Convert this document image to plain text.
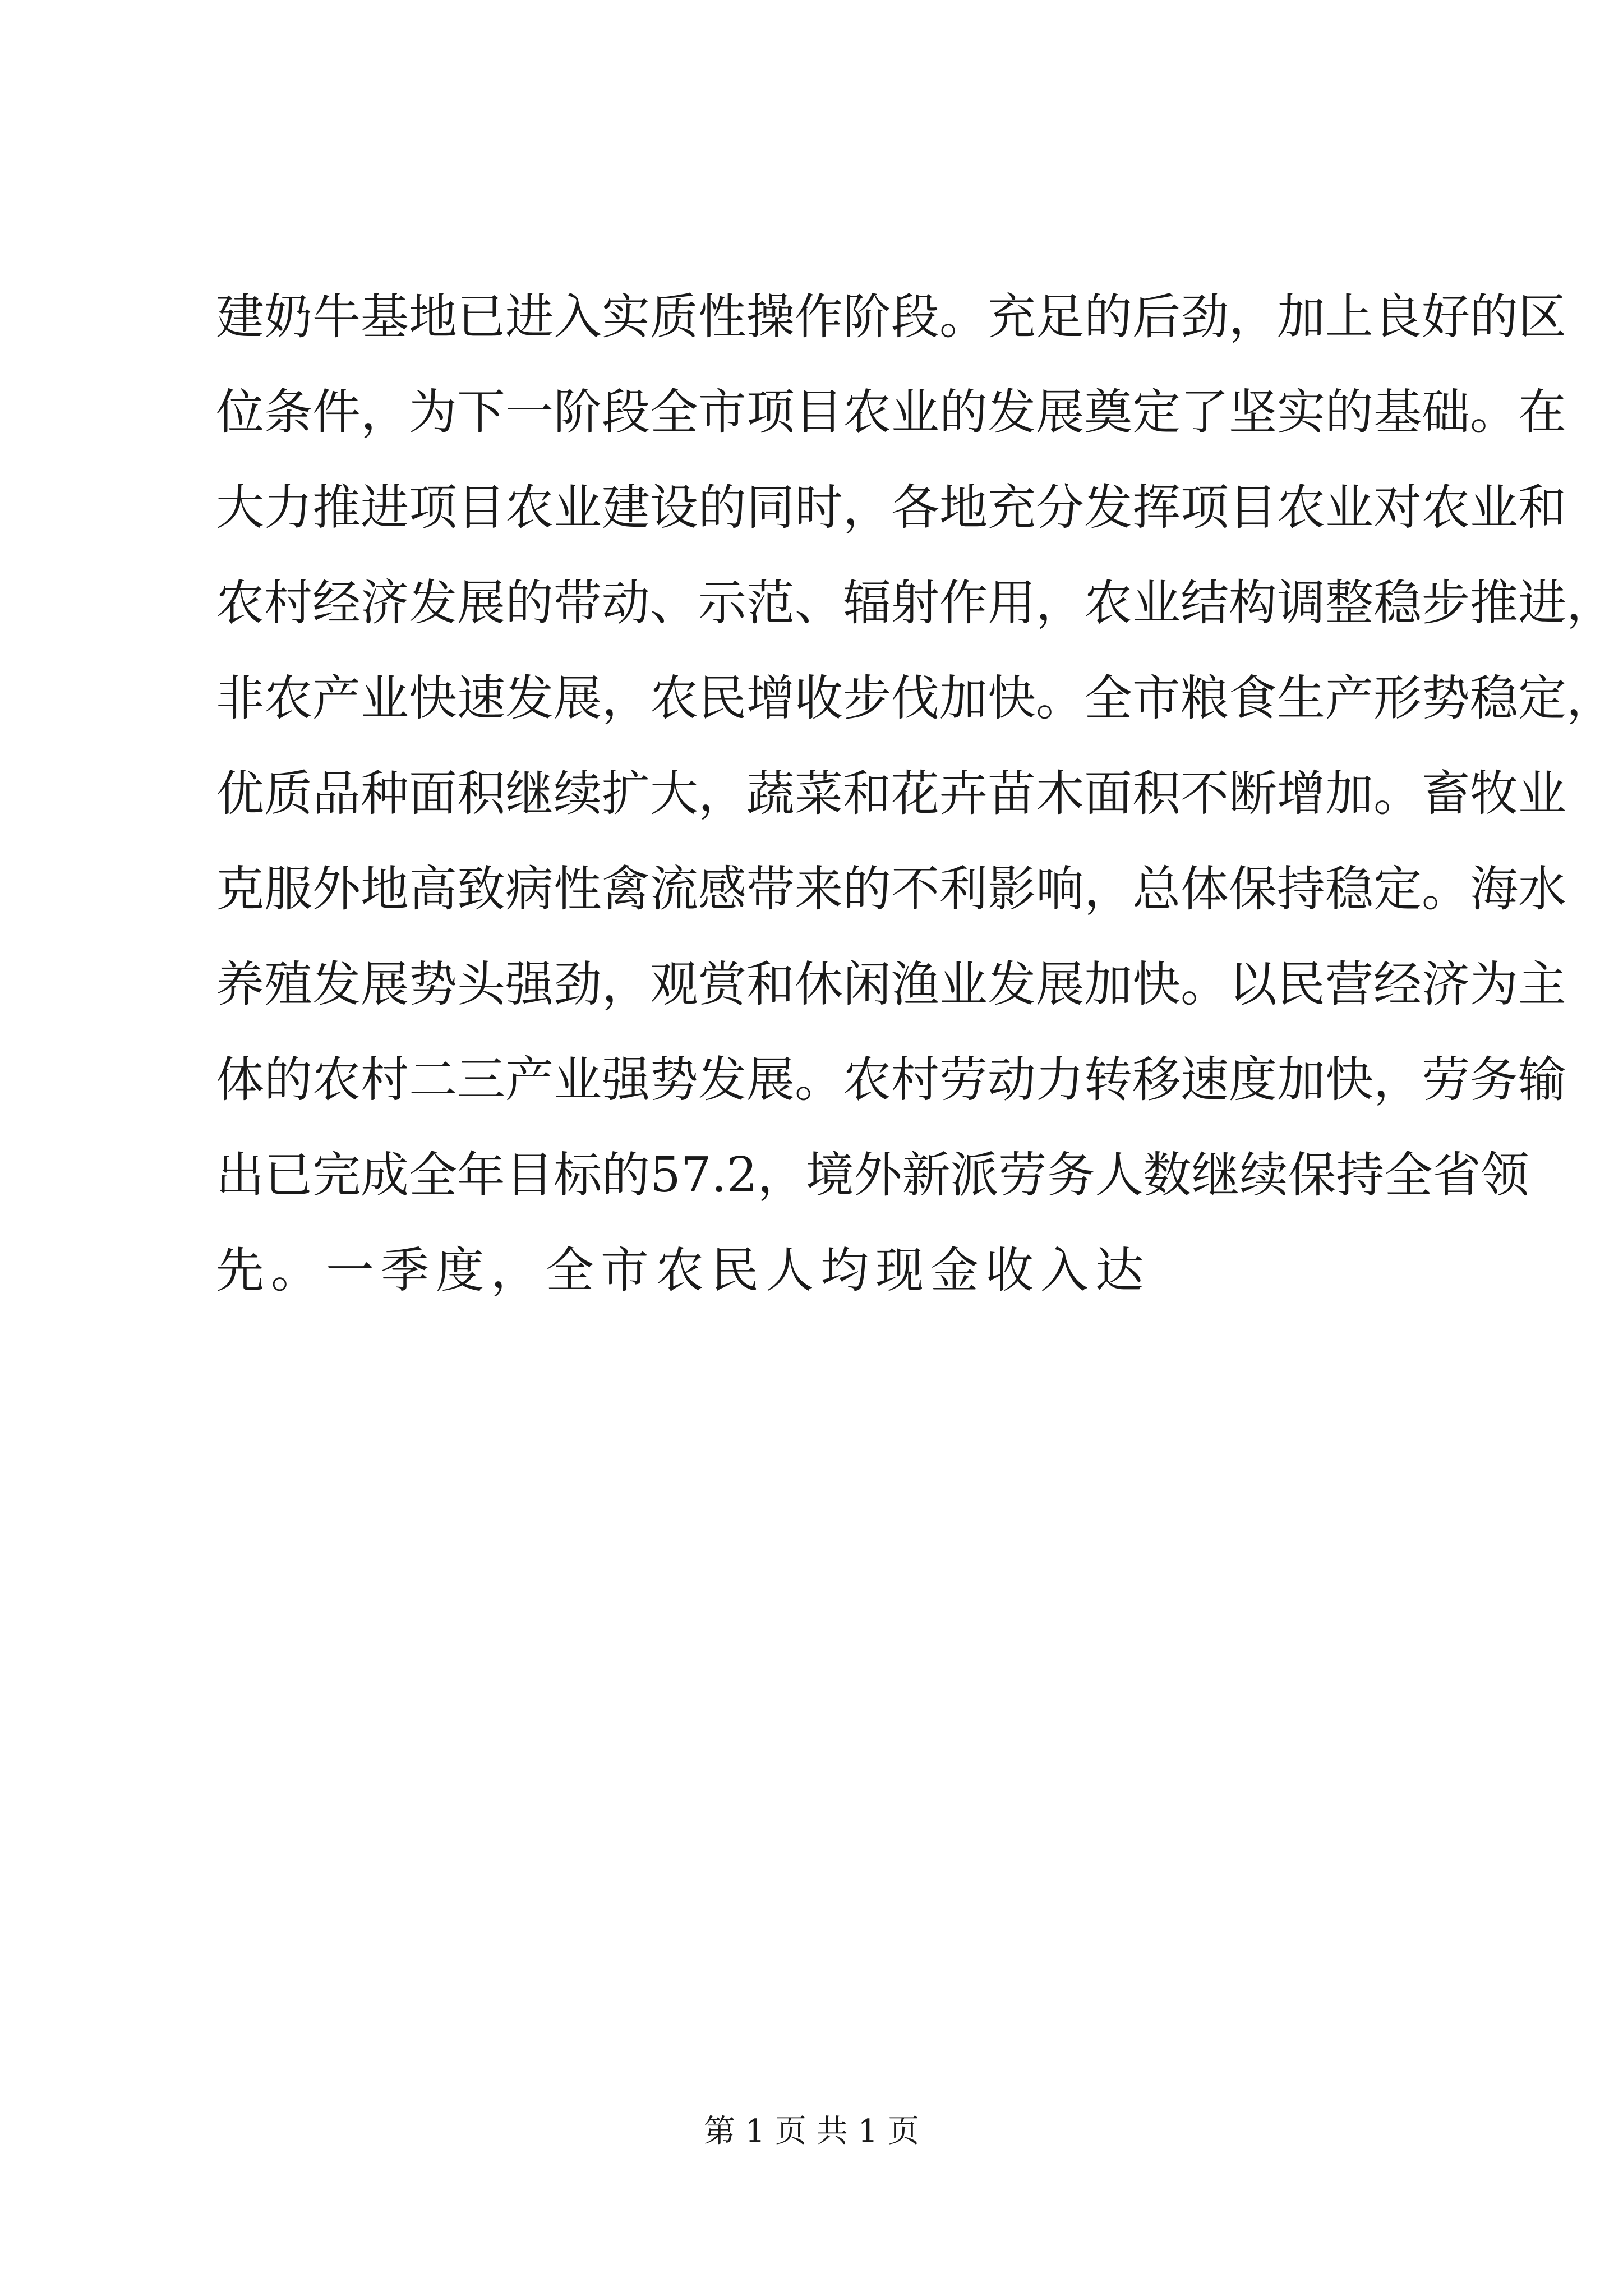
建奶牛基地已进入实质性操作阶段。充足的后劲，加上良好的区
位条件，为下一阶段全市项目农业的发展奠定了坚实的基础。在
大力推进项目农业建设的同时，各地充分发挥项目农业对农业和
农村经济发展的带动、示范、辐射作用，农业结构调整稳步推进，
非农产业快速发展，农民增收步伐加快。全市粮食生产形势稳定，
优质品种面积继续扩大，蔬菜和花卉苗木面积不断增加。畜牧业
克服外地高致病性禽流感带来的不利影响，总体保持稳定。海水
养殖发展势头强劲，观赏和休闲渔业发展加快。以民营经济为主
体的农村二三产业强势发展。农村劳动力转移速度加快，劳务输
出已完成全年目标的57.2，境外新派劳务人数继续保持全省领
先。一季度，全市农民人均现金收入达
第 1 页 共 1 页
